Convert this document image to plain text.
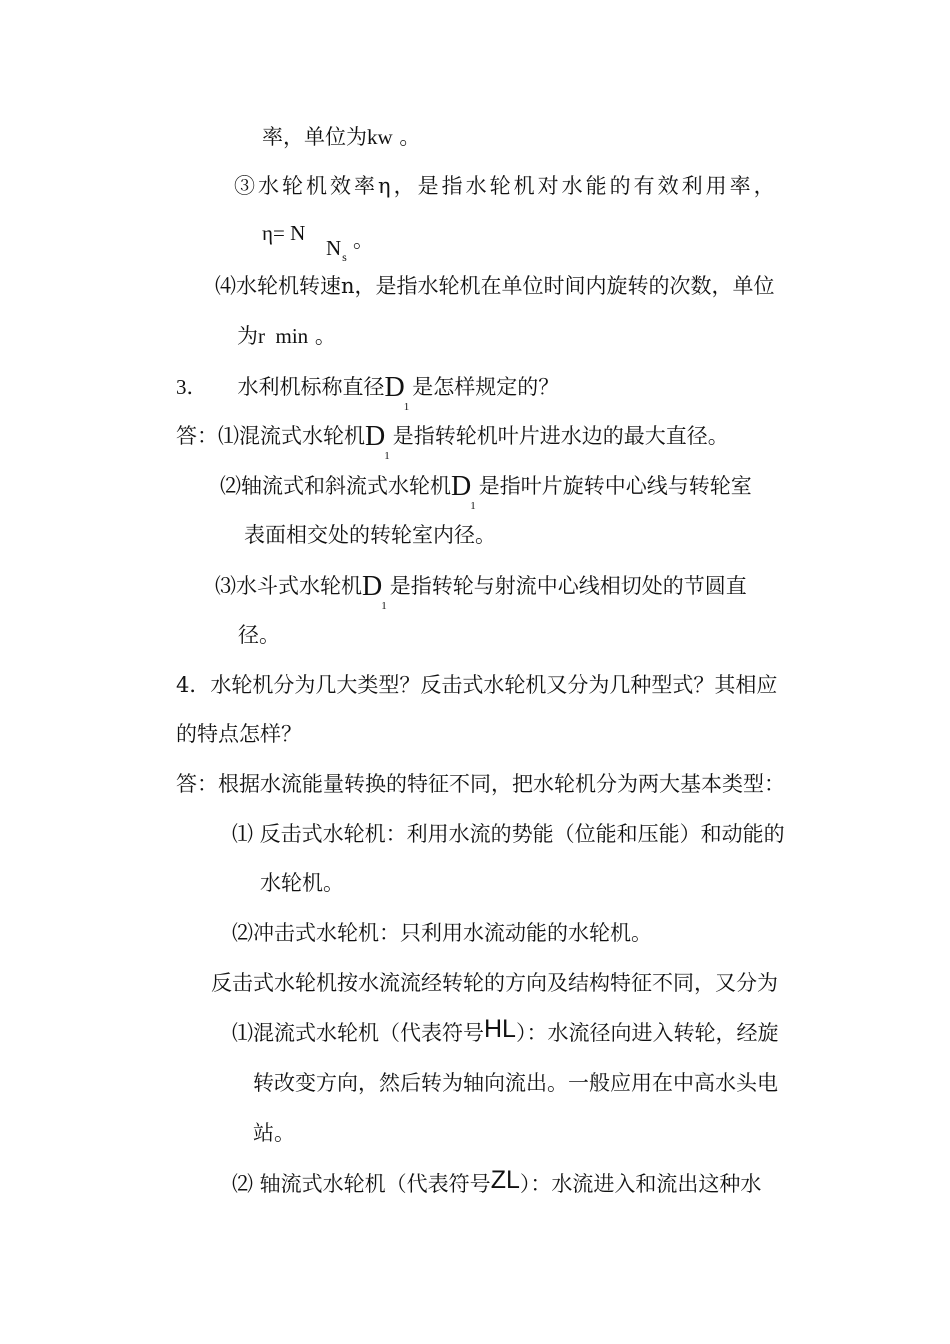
率，单位为kw 。
③水轮机效率η，是指水轮机对水能的有效利用率，
η= N
$N_s$
。
⑷水轮机转速n，是指水轮机在单位时间内旋转的次数，单位
为r  min 。
3． 水利机标称直径$D_1$是怎样规定的？
答：⑴混流式水轮机$D_1$是指转轮机叶片进水边的最大直径。
⑵轴流式和斜流式水轮机$D_1$是指叶片旋转中心线与转轮室
表面相交处的转轮室内径。
⑶水斗式水轮机$D_1$是指转轮与射流中心线相切处的节圆直
径。
4．水轮机分为几大类型？反击式水轮机又分为几种型式？其相应
的特点怎样？
答：根据水流能量转换的特征不同，把水轮机分为两大基本类型：
⑴ 反击式水轮机：利用水流的势能（位能和压能）和动能的
水轮机。
⑵冲击式水轮机：只利用水流动能的水轮机。
反击式水轮机按水流流经转轮的方向及结构特征不同，又分为
⑴混流式水轮机（代表符号HL）：水流径向进入转轮，经旋
转改变方向，然后转为轴向流出。一般应用在中高水头电
站。
⑵ 轴流式水轮机（代表符号ZL）：水流进入和流出这种水
